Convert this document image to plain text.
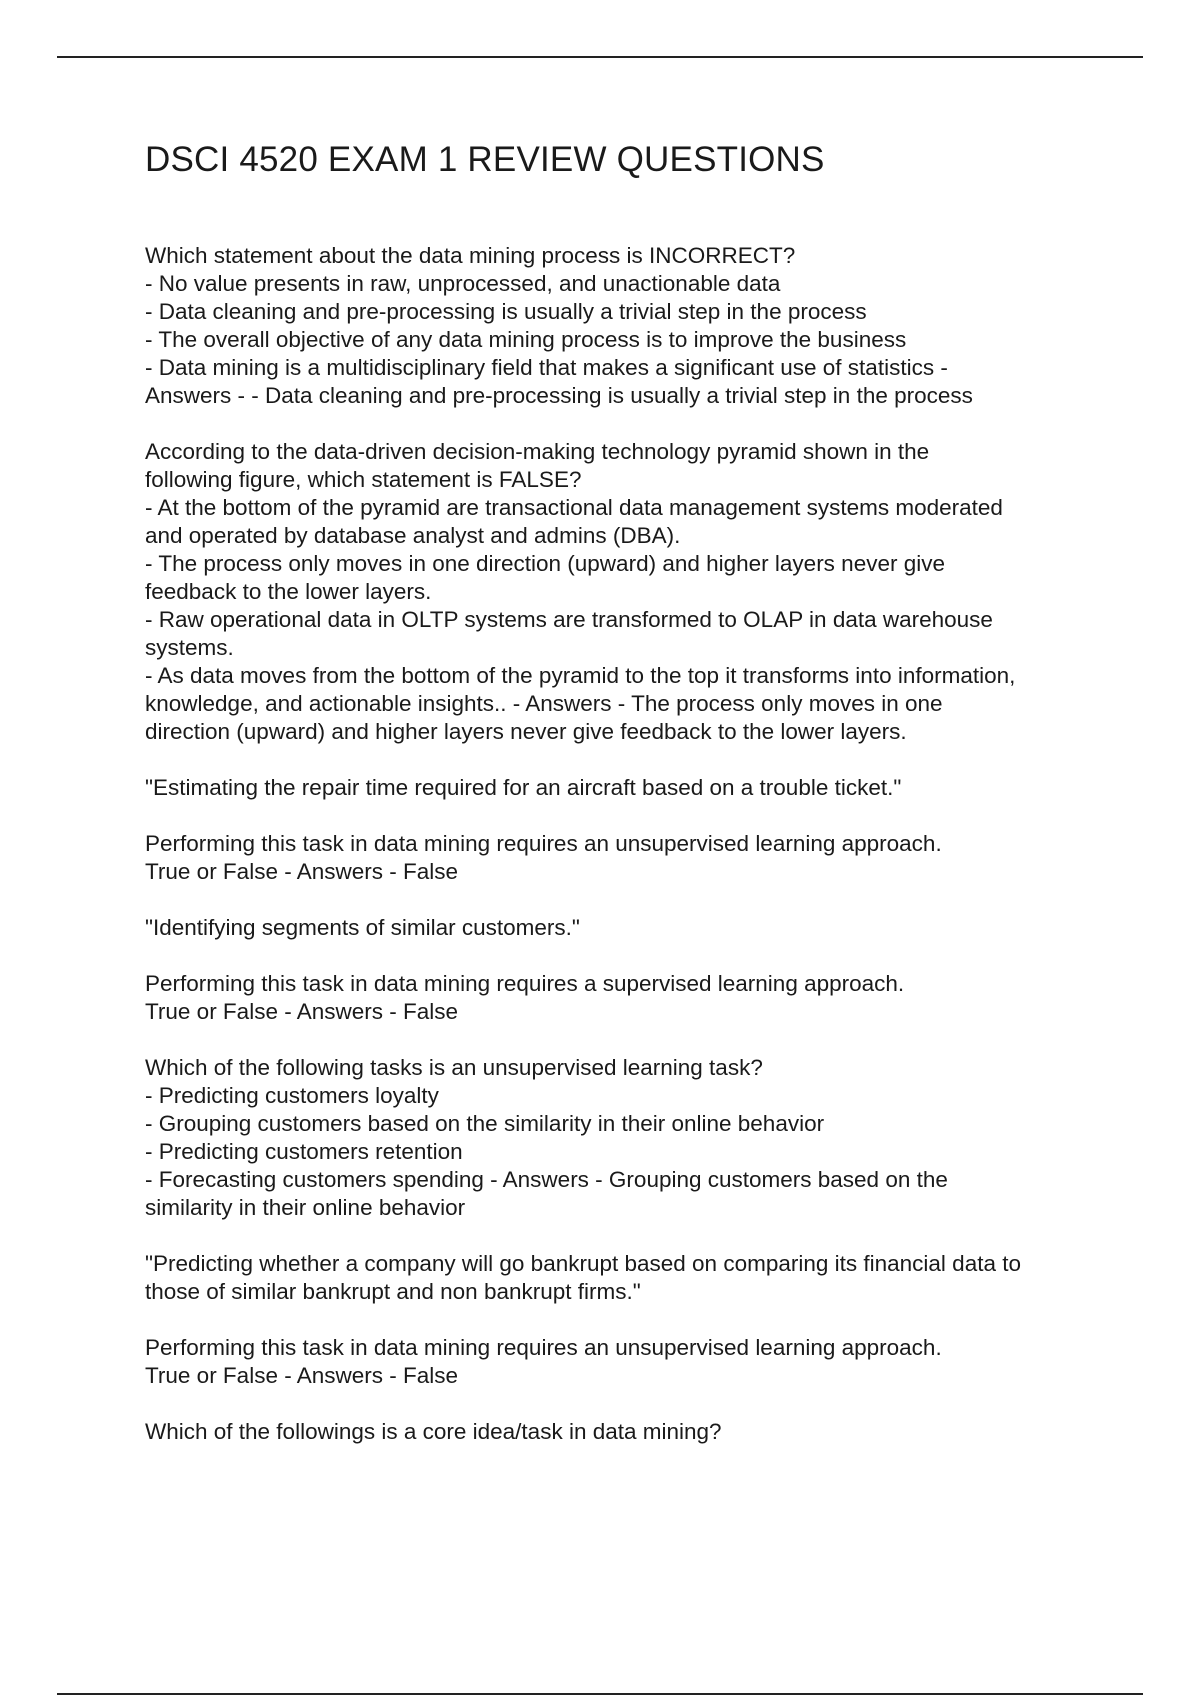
DSCI 4520 EXAM 1 REVIEW QUESTIONS
Which statement about the data mining process is INCORRECT?
- No value presents in raw, unprocessed, and unactionable data
- Data cleaning and pre-processing is usually a trivial step in the process
- The overall objective of any data mining process is to improve the business
- Data mining is a multidisciplinary field that makes a significant use of statistics -
Answers - - Data cleaning and pre-processing is usually a trivial step in the process
According to the data-driven decision-making technology pyramid shown in the
following figure, which statement is FALSE?
- At the bottom of the pyramid are transactional data management systems moderated
and operated by database analyst and admins (DBA).
- The process only moves in one direction (upward) and higher layers never give
feedback to the lower layers.
- Raw operational data in OLTP systems are transformed to OLAP in data warehouse
systems.
- As data moves from the bottom of the pyramid to the top it transforms into information,
knowledge, and actionable insights.. - Answers - The process only moves in one
direction (upward) and higher layers never give feedback to the lower layers.
"Estimating the repair time required for an aircraft based on a trouble ticket."
Performing this task in data mining requires an unsupervised learning approach.
True or False - Answers - False
"Identifying segments of similar customers."
Performing this task in data mining requires a supervised learning approach.
True or False - Answers - False
Which of the following tasks is an unsupervised learning task?
- Predicting customers loyalty
- Grouping customers based on the similarity in their online behavior
- Predicting customers retention
- Forecasting customers spending - Answers - Grouping customers based on the
similarity in their online behavior
"Predicting whether a company will go bankrupt based on comparing its financial data to
those of similar bankrupt and non bankrupt firms."
Performing this task in data mining requires an unsupervised learning approach.
True or False - Answers - False
Which of the followings is a core idea/task in data mining?
